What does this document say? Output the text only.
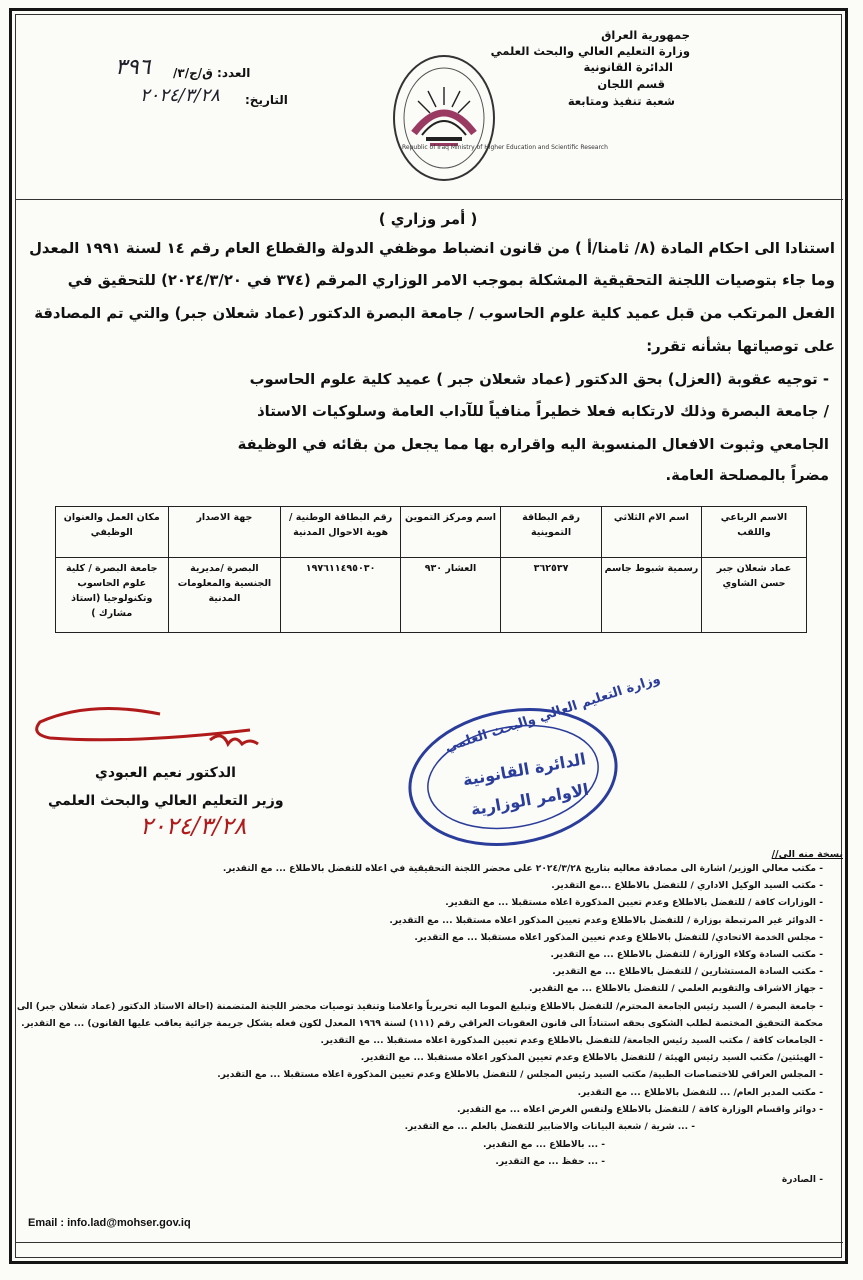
جمهورية العراق
وزارة التعليم العالي والبحث العلمي
الدائرة القانونية
قسم اللجان
شعبة تنفيذ ومتابعة
Republic of Iraq Ministry of Higher Education and Scientific Research
العدد: ق/ج/٣/
٣٩٦
التاريخ:
٢٠٢٤/٣/٢٨
( أمر وزاري )
استنادا الى احكام المادة (٨/ ثامنا/أ ) من قانون انضباط موظفي الدولة والقطاع العام رقم ١٤ لسنة ١٩٩١ المعدل
وما جاء بتوصيات اللجنة التحقيقية المشكلة بموجب الامر الوزاري المرقم (٣٧٤ في ٢٠٢٤/٣/٢٠) للتحقيق في
الفعل المرتكب من قبل عميد كلية علوم الحاسوب / جامعة البصرة الدكتور (عماد شعلان جبر) والتي تم المصادقة
على توصياتها بشأنه تقرر:
- توجيه عقوبة (العزل) بحق الدكتور (عماد شعلان جبر ) عميد كلية علوم الحاسوب
/ جامعة البصرة وذلك لارتكابه فعلا خطيراً منافياً للآداب العامة وسلوكيات الاستاذ
الجامعي وثبوت الافعال المنسوبة اليه واقراره بها مما يجعل من بقائه في الوظيفة
مضراً بالمصلحة العامة.
الاسم الرباعي واللقب	اسم الام الثلاثي	رقم البطاقة التموينية	اسم ومركز التموين	رقم البطاقة الوطنية / هوية الاحوال المدنية	جهة الاصدار	مكان العمل والعنوان الوظيفي
عماد شعلان جبر حسن الشاوي	رسمية شبوط جاسم	٣٦٢٥٣٧	العشار ٩٣٠	١٩٧٦١١٤٩٥٠٣٠	البصرة /مديرية الجنسية والمعلومات المدنية	جامعة البصرة / كلية علوم الحاسوب وتكنولوجيا (استاذ مشارك )
الدكتور نعيم العبودي
وزير التعليم العالي والبحث العلمي
٢٠٢٤/٣/٢٨
وزارة التعليم العالي والبحث العلمي
الدائرة القانونية
الاوامر الوزارية
نسخة منه الى//
- مكتب معالي الوزير/ اشارة الى مصادقة معاليه بتاريخ ٢٠٢٤/٣/٢٨ على محضر اللجنة التحقيقية في اعلاه للتفضل بالاطلاع ... مع التقدير.
- مكتب السيد الوكيل الاداري / للتفضل بالاطلاع ...مع التقدير.
- الوزارات كافة / للتفضل بالاطلاع وعدم تعيين المذكورة اعلاه مستقبلا ... مع التقدير.
- الدوائر غير المرتبطة بوزارة / للتفضل بالاطلاع وعدم تعيين المذكور اعلاه مستقبلا ... مع التقدير.
- مجلس الخدمة الاتحادي/ للتفضل بالاطلاع وعدم تعيين المذكور اعلاه مستقبلا ... مع التقدير.
- مكتب السادة وكلاء الوزارة / للتفضل بالاطلاع ... مع التقدير.
- مكتب السادة المستشارين / للتفضل بالاطلاع ... مع التقدير.
- جهاز الاشراف والتقويم العلمي / للتفضل بالاطلاع ... مع التقدير.
- جامعة البصرة / السيد رئيس الجامعة المحترم/ للتفضل بالاطلاع وتبليغ الموما اليه تحريرياً واعلامنا وتنفيذ توصيات محضر اللجنة المتضمنة (احالة الاستاذ الدكتور (عماد شعلان جبر) الى
محكمة التحقيق المختصة لطلب الشكوى بحقه استناداً الى قانون العقوبات العراقي رقم (١١١) لسنة ١٩٦٩ المعدل لكون فعله يشكل جريمة جزائية يعاقب عليها القانون) ... مع التقدير.
- الجامعات كافة / مكتب السيد رئيس الجامعة/ للتفضل بالاطلاع وعدم تعيين المذكورة اعلاه مستقبلا ... مع التقدير.
- الهيئتين/ مكتب السيد رئيس الهيئة / للتفضل بالاطلاع وعدم تعيين المذكور اعلاه مستقبلا ... مع التقدير.
- المجلس العراقي للاختصاصات الطبية/ مكتب السيد رئيس المجلس / للتفضل بالاطلاع وعدم تعيين المذكورة اعلاه مستقبلا ... مع التقدير.
- مكتب المدير العام/ ... للتفضل بالاطلاع ... مع التقدير.
- دوائر واقسام الوزارة كافة / للتفضل بالاطلاع ولنفس الغرض اعلاه ... مع التقدير.
- ... شرية / شعبة البيانات والاضابير للتفضل بالعلم ... مع التقدير.
- ... بالاطلاع ... مع التقدير.
- ... حفظ ... مع التقدير.
- الصادرة
Email : info.lad@mohser.gov.iq
